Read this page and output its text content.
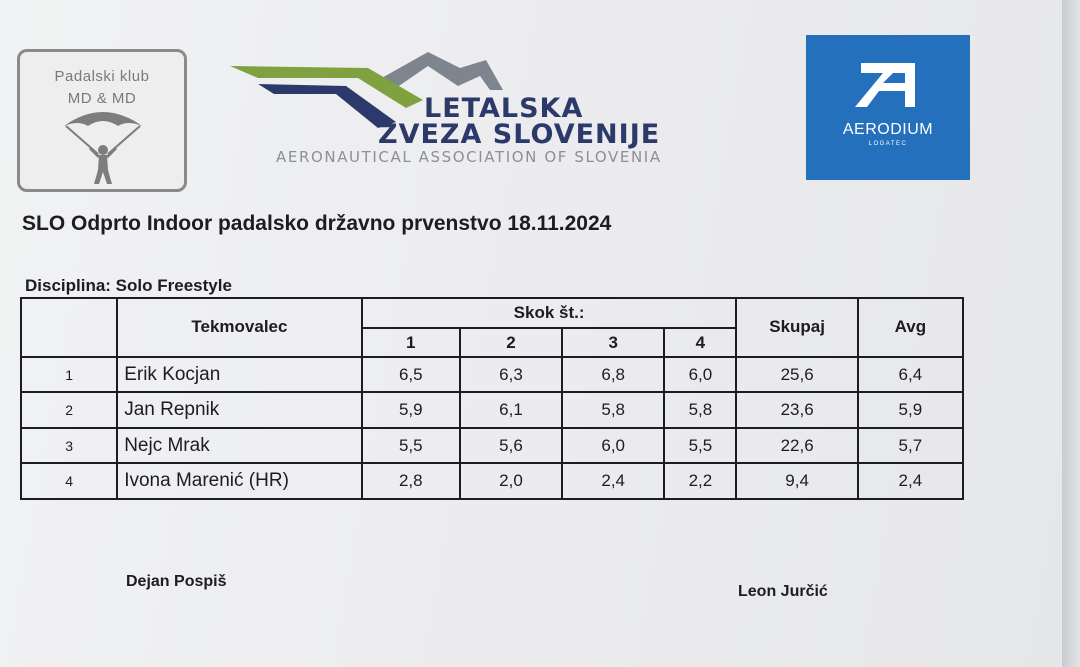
Padalski klub
MD & MD	LETALSKA
ZVEZA SLOVENIJE
AERONAUTICAL ASSOCIATION OF SLOVENIA
AERODIUM
LOGATEC
SLO Odprto Indoor padalsko državno prvenstvo 18.11.2024
Disciplina: Solo Freestyle
	Tekmovalec	Skok št.:				Skupaj	Avg
		1	2	3	4		
1	Erik Kocjan	6,5	6,3	6,8	6,0	25,6	6,4
2	Jan Repnik	5,9	6,1	5,8	5,8	23,6	5,9
3	Nejc Mrak	5,5	5,6	6,0	5,5	22,6	5,7
4	Ivona Marenić (HR)	2,8	2,0	2,4	2,2	9,4	2,4
Dejan Pospiš
Leon Jurčić
